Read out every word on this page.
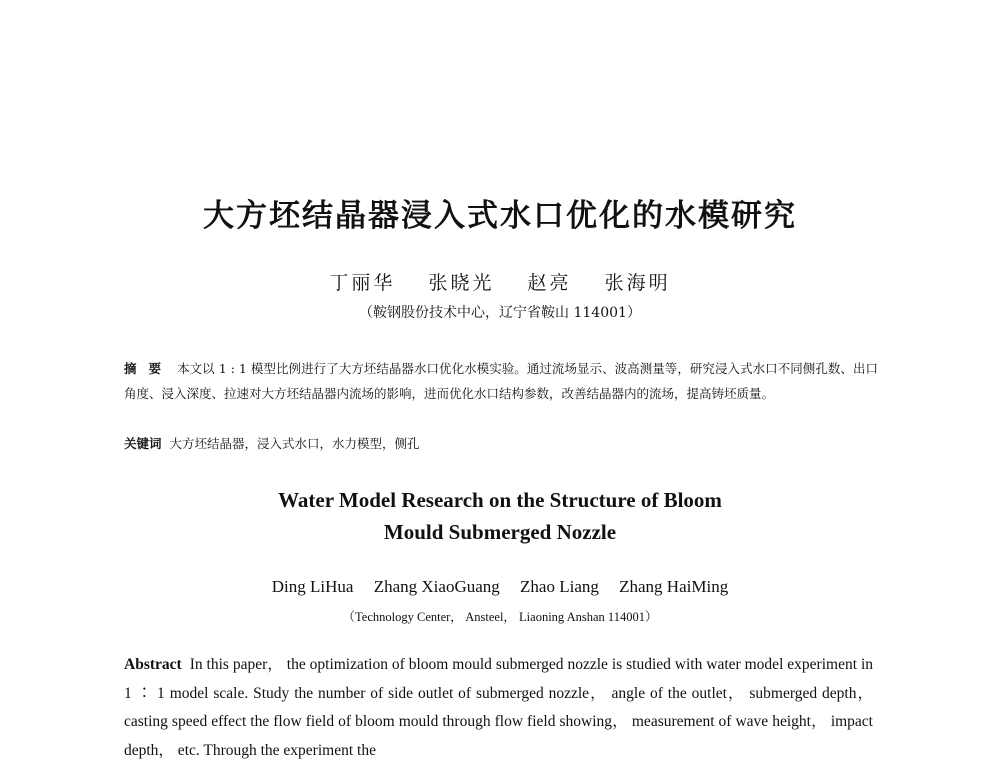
大方坯结晶器浸入式水口优化的水模研究

丁丽华 张晓光 赵亮 张海明

（鞍钢股份技术中心，辽宁省鞍山 114001）

摘要 本文以 1 : 1 模型比例进行了大方坯结晶器水口优化水模实验。通过流场显示、波高测量等，研究浸入式水口不同侧孔数、出口角度、浸入深度、拉速对大方坯结晶器内流场的影响，进而优化水口结构参数，改善结晶器内的流场，提高铸坯质量。

关键词 大方坯结晶器，浸入式水口，水力模型，侧孔

Water Model Research on the Structure of Bloom
Mould Submerged Nozzle

Ding LiHua Zhang XiaoGuang Zhao Liang Zhang HaiMing

（Technology Center， Ansteel， Liaoning Anshan 114001）

Abstract In this paper， the optimization of bloom mould submerged nozzle is studied with water model experiment in 1 ∶ 1 model scale. Study the number of side outlet of submerged nozzle， angle of the outlet， submerged depth， casting speed effect the flow field of bloom mould through flow field showing， measurement of wave height， impact depth， etc. Through the experiment the
